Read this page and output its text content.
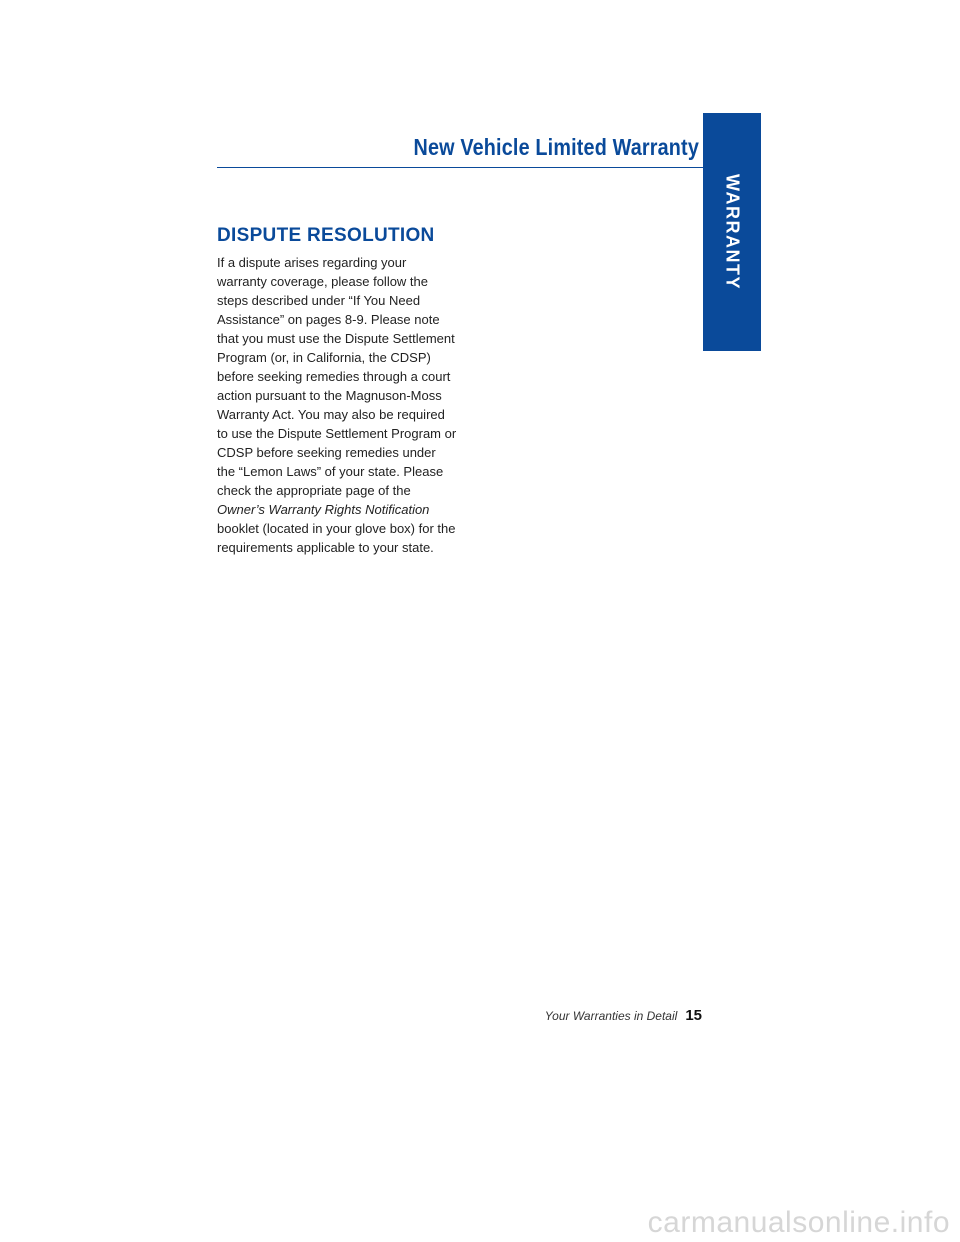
New Vehicle Limited Warranty
WARRANTY
DISPUTE RESOLUTION

If a dispute arises regarding your warranty coverage, please follow the steps described under “If You Need Assistance” on pages 8-9. Please note that you must use the Dispute Settlement Program (or, in California, the CDSP) before seeking remedies through a court action pursuant to the Magnuson-Moss Warranty Act. You may also be required to use the Dispute Settlement Program or CDSP before seeking remedies under the “Lemon Laws” of your state. Please check the appropriate page of the Owner’s Warranty Rights Notification booklet (located in your glove box) for the requirements applicable to your state.

Your Warranties in Detail 15
carmanualsonline.info
